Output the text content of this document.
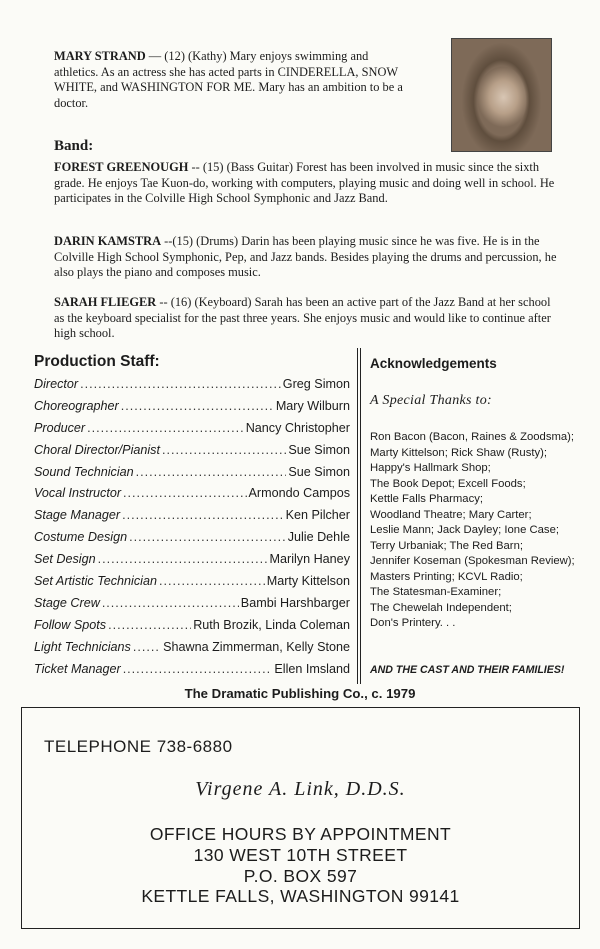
MARY STRAND — (12) (Kathy) Mary enjoys swimming and athletics. As an actress she has acted parts in CINDERELLA, SNOW WHITE, and WASHINGTON FOR ME. Mary has an ambition to be a doctor.
Band:
FOREST GREENOUGH -- (15) (Bass Guitar) Forest has been involved in music since the sixth grade. He enjoys Tae Kuon-do, working with computers, playing music and doing well in school. He participates in the Colville High School Symphonic and Jazz Band.
DARIN KAMSTRA --(15) (Drums) Darin has been playing music since he was five. He is in the Colville High School Symphonic, Pep, and Jazz bands. Besides playing the drums and percussion, he also plays the piano and composes music.
SARAH FLIEGER -- (16) (Keyboard) Sarah has been an active part of the Jazz Band at her school as the keyboard specialist for the past three years. She enjoys music and would like to continue after high school.
Production Staff:
Director .....	Greg Simon
Choreographer .....	Mary Wilburn
Producer .....	Nancy Christopher
Choral Director/Pianist .....	Sue Simon
Sound Technician .....	Sue Simon
Vocal Instructor .....	Armondo Campos
Stage Manager .....	Ken Pilcher
Costume Design .....	Julie Dehle
Set Design .....	Marilyn Haney
Set Artistic Technician .....	Marty Kittelson
Stage Crew .....	Bambi Harshbarger
Follow Spots .....	Ruth Brozik, Linda Coleman
Light Technicians .....	Shawna Zimmerman, Kelly Stone
Ticket Manager .....	Ellen Imsland
Acknowledgements
A Special Thanks to:
Ron Bacon (Bacon, Raines & Zoodsma);
Marty Kittelson; Rick Shaw (Rusty);
Happy's Hallmark Shop;
The Book Depot; Excell Foods;
Kettle Falls Pharmacy;
Woodland Theatre; Mary Carter;
Leslie Mann; Jack Dayley; Ione Case;
Terry Urbaniak; The Red Barn;
Jennifer Koseman (Spokesman Review);
Masters Printing; KCVL Radio;
The Statesman-Examiner;
The Chewelah Independent;
Don's Printery. . .
AND THE CAST AND THEIR FAMILIES!
The Dramatic Publishing Co., c. 1979
TELEPHONE 738-6880
Virgene A. Link, D.D.S.
OFFICE HOURS BY APPOINTMENT
130 WEST 10TH STREET
P.O. BOX 597
KETTLE FALLS, WASHINGTON 99141
